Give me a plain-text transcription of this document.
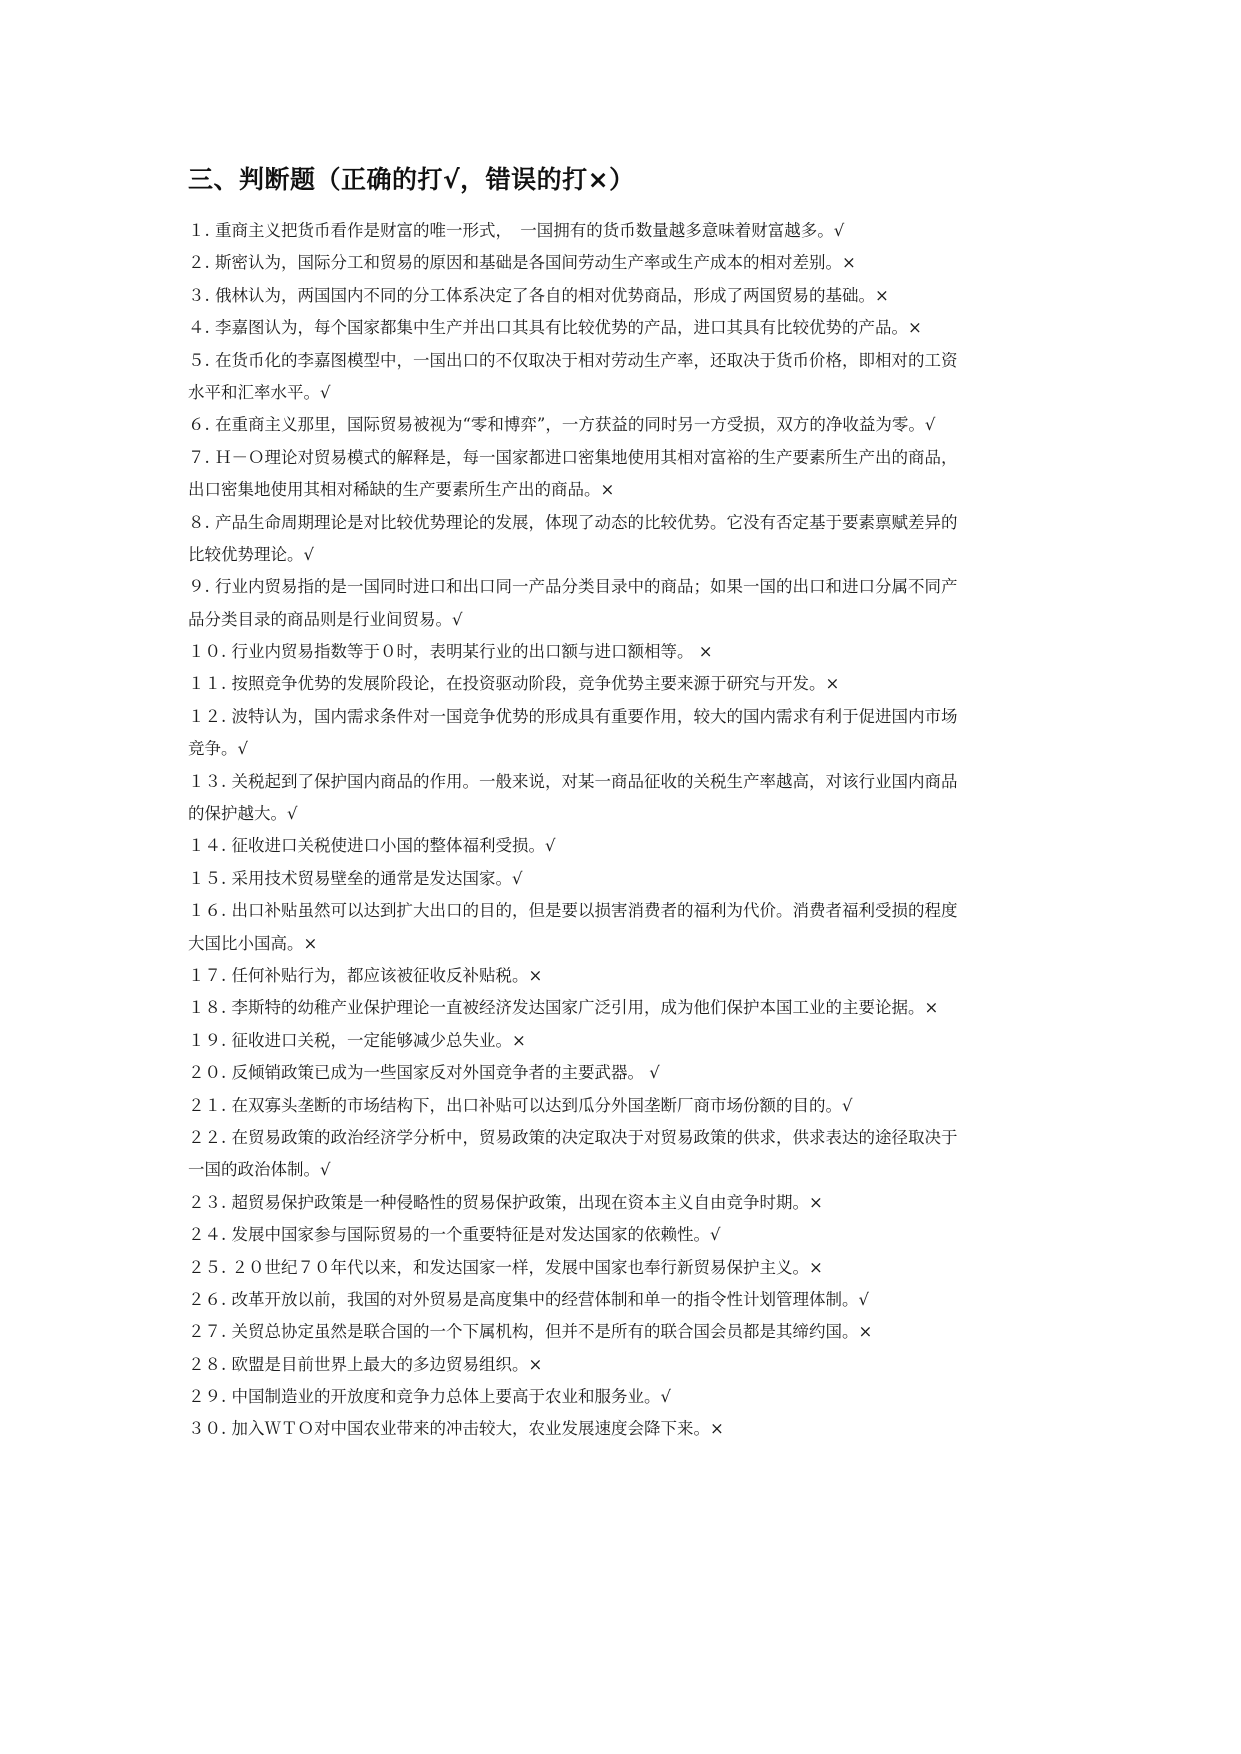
三、判断题（正确的打√，错误的打×）
１. 重商主义把货币看作是财富的唯一形式，　一国拥有的货币数量越多意味着财富越多。√
２. 斯密认为，国际分工和贸易的原因和基础是各国间劳动生产率或生产成本的相对差别。×
３. 俄林认为，两国国内不同的分工体系决定了各自的相对优势商品，形成了两国贸易的基础。×
４. 李嘉图认为，每个国家都集中生产并出口其具有比较优势的产品，进口其具有比较优势的产品。×
５. 在货币化的李嘉图模型中，一国出口的不仅取决于相对劳动生产率，还取决于货币价格，即相对的工资
水平和汇率水平。√
６. 在重商主义那里，国际贸易被视为“零和博弈”，一方获益的同时另一方受损，双方的净收益为零。√
７. Ｈ－Ｏ理论对贸易模式的解释是，每一国家都进口密集地使用其相对富裕的生产要素所生产出的商品，
出口密集地使用其相对稀缺的生产要素所生产出的商品。×
８. 产品生命周期理论是对比较优势理论的发展，体现了动态的比较优势。它没有否定基于要素禀赋差异的
比较优势理论。√
９. 行业内贸易指的是一国同时进口和出口同一产品分类目录中的商品；如果一国的出口和进口分属不同产
品分类目录的商品则是行业间贸易。√
１０. 行业内贸易指数等于０时，表明某行业的出口额与进口额相等。 ×
１１. 按照竞争优势的发展阶段论，在投资驱动阶段，竞争优势主要来源于研究与开发。×
１２. 波特认为，国内需求条件对一国竞争优势的形成具有重要作用，较大的国内需求有利于促进国内市场
竞争。√
１３. 关税起到了保护国内商品的作用。一般来说，对某一商品征收的关税生产率越高，对该行业国内商品
的保护越大。√
１４. 征收进口关税使进口小国的整体福利受损。√
１５. 采用技术贸易壁垒的通常是发达国家。√
１６. 出口补贴虽然可以达到扩大出口的目的，但是要以损害消费者的福利为代价。消费者福利受损的程度
大国比小国高。×
１７. 任何补贴行为，都应该被征收反补贴税。×
１８. 李斯特的幼稚产业保护理论一直被经济发达国家广泛引用，成为他们保护本国工业的主要论据。×
１９. 征收进口关税，一定能够减少总失业。×
２０. 反倾销政策已成为一些国家反对外国竞争者的主要武器。 √
２１. 在双寡头垄断的市场结构下，出口补贴可以达到瓜分外国垄断厂商市场份额的目的。√
２２. 在贸易政策的政治经济学分析中，贸易政策的决定取决于对贸易政策的供求，供求表达的途径取决于
一国的政治体制。√
２３. 超贸易保护政策是一种侵略性的贸易保护政策，出现在资本主义自由竞争时期。×
２４. 发展中国家参与国际贸易的一个重要特征是对发达国家的依赖性。√
２５. ２０世纪７０年代以来，和发达国家一样，发展中国家也奉行新贸易保护主义。×
２６. 改革开放以前，我国的对外贸易是高度集中的经营体制和单一的指令性计划管理体制。√
２７. 关贸总协定虽然是联合国的一个下属机构，但并不是所有的联合国会员都是其缔约国。×
２８. 欧盟是目前世界上最大的多边贸易组织。×
２９. 中国制造业的开放度和竞争力总体上要高于农业和服务业。√
３０. 加入ＷＴＯ对中国农业带来的冲击较大，农业发展速度会降下来。×
